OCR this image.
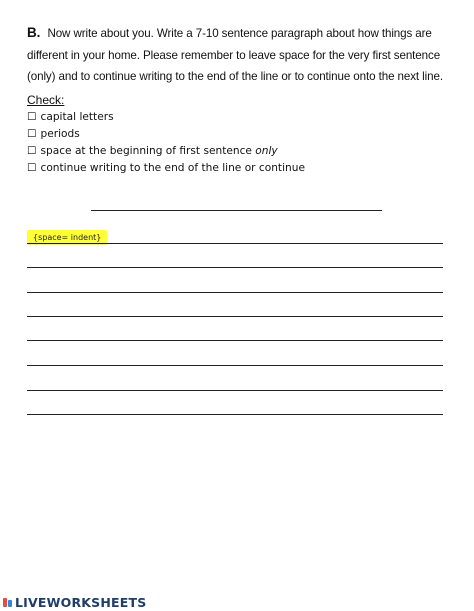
B. Now write about you. Write a 7-10 sentence paragraph about how things are different in your home. Please remember to leave space for the very first sentence (only) and to continue writing to the end of the line or to continue onto the next line.
Check:
☐ capital letters
☐ periods
☐ space at the beginning of first sentence only
☐ continue writing to the end of the line or continue
{space= indent}
LIVEWORKSHEETS
